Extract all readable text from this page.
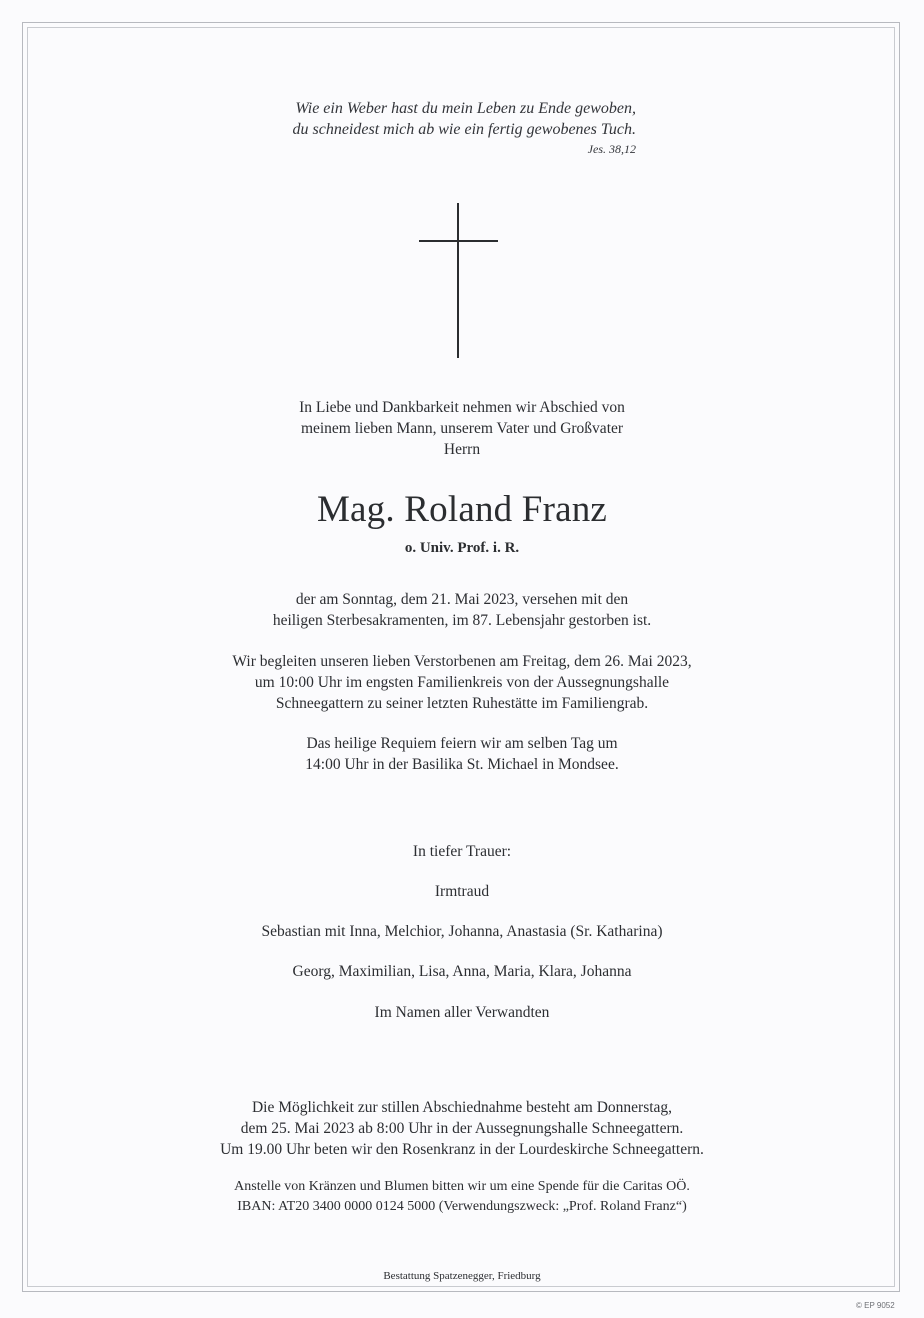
Wie ein Weber hast du mein Leben zu Ende gewoben,
du schneidest mich ab wie ein fertig gewobenes Tuch.
Jes. 38,12
In Liebe und Dankbarkeit nehmen wir Abschied von
meinem lieben Mann, unserem Vater und Großvater
Herrn
Mag. Roland Franz
o. Univ. Prof. i. R.
der am Sonntag, dem 21. Mai 2023, versehen mit den
heiligen Sterbesakramenten, im 87. Lebensjahr gestorben ist.
Wir begleiten unseren lieben Verstorbenen am Freitag, dem 26. Mai 2023,
um 10:00 Uhr im engsten Familienkreis von der Aussegnungshalle
Schneegattern zu seiner letzten Ruhestätte im Familiengrab.
Das heilige Requiem feiern wir am selben Tag um
14:00 Uhr in der Basilika St. Michael in Mondsee.
In tiefer Trauer:
Irmtraud
Sebastian mit Inna, Melchior, Johanna, Anastasia (Sr. Katharina)
Georg, Maximilian, Lisa, Anna, Maria, Klara, Johanna
Im Namen aller Verwandten
Die Möglichkeit zur stillen Abschiednahme besteht am Donnerstag,
dem 25. Mai 2023 ab 8:00 Uhr in der Aussegnungshalle Schneegattern.
Um 19.00 Uhr beten wir den Rosenkranz in der Lourdeskirche Schneegattern.
Anstelle von Kränzen und Blumen bitten wir um eine Spende für die Caritas OÖ.
IBAN: AT20 3400 0000 0124 5000 (Verwendungszweck: „Prof. Roland Franz“)
Bestattung Spatzenegger, Friedburg
© EP 9052
